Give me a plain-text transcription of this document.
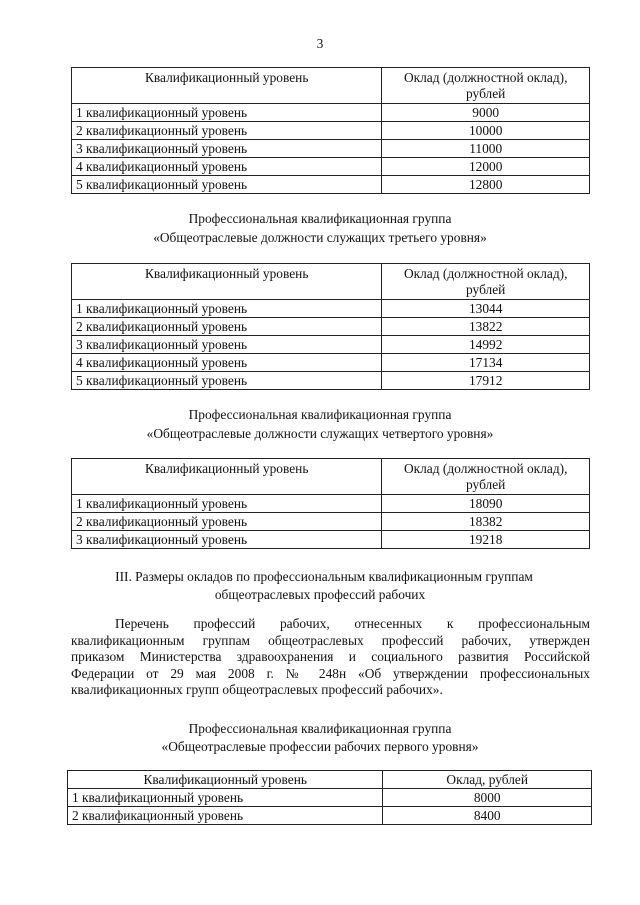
3
Квалификационный уровень	Оклад (должностной оклад), рублей
1 квалификационный уровень	9000
2 квалификационный уровень	10000
3 квалификационный уровень	11000
4 квалификационный уровень	12000
5 квалификационный уровень	12800
Профессиональная квалификационная группа
«Общеотраслевые должности служащих третьего уровня»
Квалификационный уровень	Оклад (должностной оклад), рублей
1 квалификационный уровень	13044
2 квалификационный уровень	13822
3 квалификационный уровень	14992
4 квалификационный уровень	17134
5 квалификационный уровень	17912
Профессиональная квалификационная группа
«Общеотраслевые должности служащих четвертого уровня»
Квалификационный уровень	Оклад (должностной оклад), рублей
1 квалификационный уровень	18090
2 квалификационный уровень	18382
3 квалификационный уровень	19218
III. Размеры окладов по профессиональным квалификационным группам
общеотраслевых профессий рабочих
Перечень профессий рабочих, отнесенных к профессиональным
квалификационным группам общеотраслевых профессий рабочих, утвержден
приказом Министерства здравоохранения и социального развития Российской
Федерации от 29 мая 2008 г. № 248н «Об утверждении профессиональных
квалификационных групп общеотраслевых профессий рабочих».
Профессиональная квалификационная группа
«Общеотраслевые профессии рабочих первого уровня»
Квалификационный уровень	Оклад, рублей
1 квалификационный уровень	8000
2 квалификационный уровень	8400
